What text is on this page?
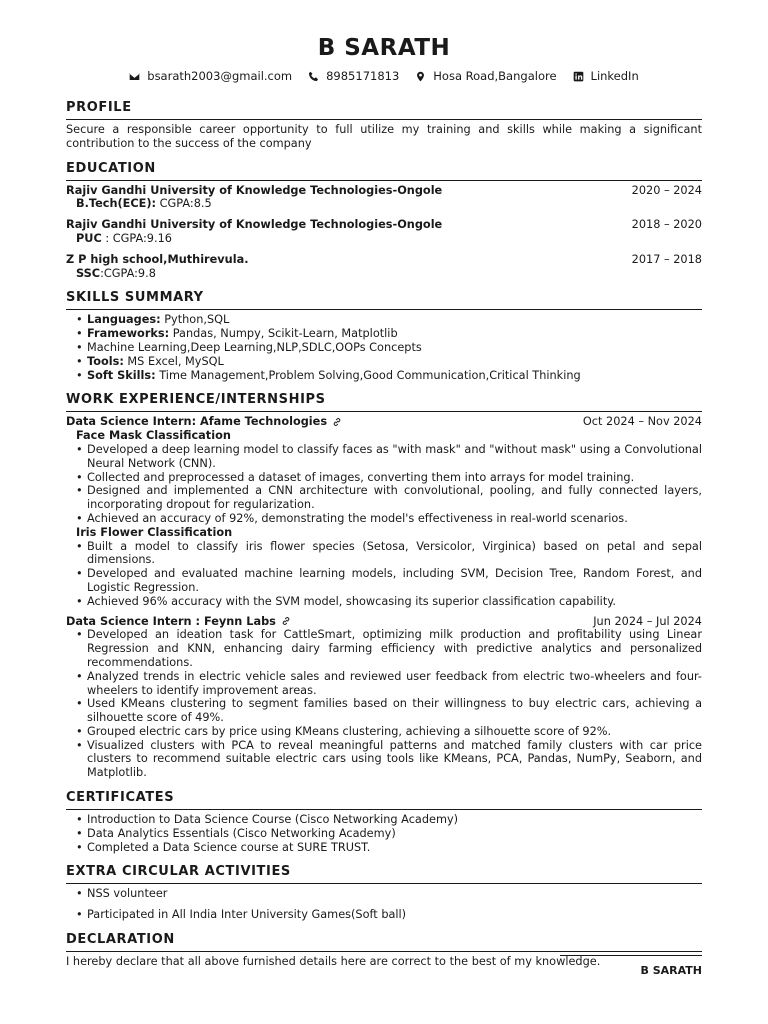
B SARATH
bsarath2003@gmail.com	8985171813	Hosa Road,Bangalore	LinkedIn
PROFILE
Secure a responsible career opportunity to full utilize my training and skills while making a significant contribution to the success of the company
EDUCATION
Rajiv Gandhi University of Knowledge Technologies-Ongole	2020 – 2024
B.Tech(ECE): CGPA:8.5
Rajiv Gandhi University of Knowledge Technologies-Ongole	2018 – 2020
PUC : CGPA:9.16
Z P high school,Muthirevula.	2017 – 2018
SSC:CGPA:9.8
SKILLS SUMMARY
• Languages: Python,SQL
• Frameworks: Pandas, Numpy, Scikit-Learn, Matplotlib
• Machine Learning,Deep Learning,NLP,SDLC,OOPs Concepts
• Tools: MS Excel, MySQL
• Soft Skills: Time Management,Problem Solving,Good Communication,Critical Thinking
WORK EXPERIENCE/INTERNSHIPS
Data Science Intern: Afame Technologies	Oct 2024 – Nov 2024
Face Mask Classification
• Developed a deep learning model to classify faces as "with mask" and "without mask" using a Convolutional Neural Network (CNN).
• Collected and preprocessed a dataset of images, converting them into arrays for model training.
• Designed and implemented a CNN architecture with convolutional, pooling, and fully connected layers, incorporating dropout for regularization.
• Achieved an accuracy of 92%, demonstrating the model's effectiveness in real-world scenarios.
Iris Flower Classification
• Built a model to classify iris flower species (Setosa, Versicolor, Virginica) based on petal and sepal dimensions.
• Developed and evaluated machine learning models, including SVM, Decision Tree, Random Forest, and Logistic Regression.
• Achieved 96% accuracy with the SVM model, showcasing its superior classification capability.
Data Science Intern : Feynn Labs	Jun 2024 – Jul 2024
• Developed an ideation task for CattleSmart, optimizing milk production and profitability using Linear Regression and KNN, enhancing dairy farming efficiency with predictive analytics and personalized recommendations.
• Analyzed trends in electric vehicle sales and reviewed user feedback from electric two-wheelers and four-wheelers to identify improvement areas.
• Used KMeans clustering to segment families based on their willingness to buy electric cars, achieving a silhouette score of 49%.
• Grouped electric cars by price using KMeans clustering, achieving a silhouette score of 92%.
• Visualized clusters with PCA to reveal meaningful patterns and matched family clusters with car price clusters to recommend suitable electric cars using tools like KMeans, PCA, Pandas, NumPy, Seaborn, and Matplotlib.
CERTIFICATES
• Introduction to Data Science Course (Cisco Networking Academy)
• Data Analytics Essentials (Cisco Networking Academy)
• Completed a Data Science course at SURE TRUST.
EXTRA CIRCULAR ACTIVITIES
• NSS volunteer
• Participated in All India Inter University Games(Soft ball)
DECLARATION
I hereby declare that all above furnished details here are correct to the best of my knowledge.
B SARATH
